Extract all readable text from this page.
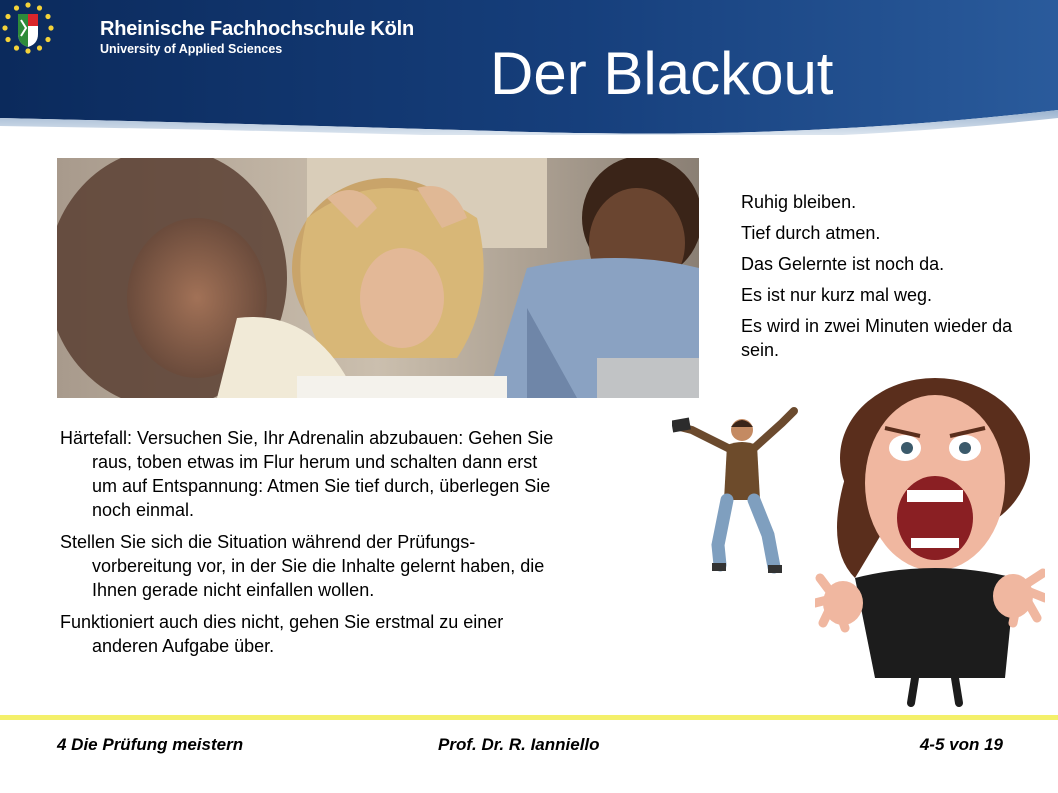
Rheinische Fachhochschule Köln
University of Applied Sciences	Der Blackout

Ruhig bleiben.

Tief durch atmen.

Das Gelernte ist noch da.

Es ist nur kurz mal weg.

Es wird in zwei Minuten wieder da sein.

Härtefall: Versuchen Sie, Ihr Adrenalin abzubauen: Gehen Sie raus, toben etwas im Flur herum und schalten dann erst um auf Entspannung: Atmen Sie tief durch, überlegen Sie noch einmal.

Stellen Sie sich die Situation während der Prüfungs-vorbereitung vor, in der Sie die Inhalte gelernt haben, die Ihnen gerade nicht einfallen wollen.

Funktioniert auch dies nicht, gehen Sie erstmal zu einer anderen Aufgabe über.

4 Die Prüfung meistern	Prof. Dr. R. Ianniello	4-5 von 19
